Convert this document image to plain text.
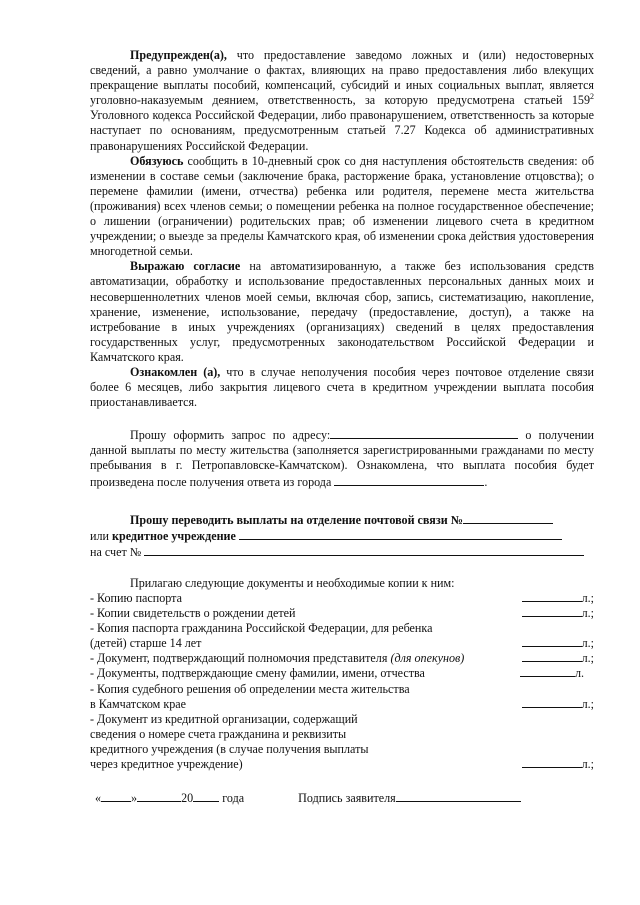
Предупрежден(а), что предоставление заведомо ложных и (или) недостоверных сведений, а равно умолчание о фактах, влияющих на право предоставления либо влекущих прекращение выплаты пособий, компенсаций, субсидий и иных социальных выплат, является уголовно-наказуемым деянием, ответственность, за которую предусмотрена статьей $159^2$ Уголовного кодекса Российской Федерации, либо правонарушением, ответственность за которые наступает по основаниям, предусмотренным статьей 7.27 Кодекса об административных правонарушениях Российской Федерации.

Обязуюсь сообщить в 10-дневный срок со дня наступления обстоятельств сведения: об изменении в составе семьи (заключение брака, расторжение брака, установление отцовства); о перемене фамилии (имени, отчества) ребенка или родителя, перемене места жительства (проживания) всех членов семьи; о помещении ребенка на полное государственное обеспечение; о лишении (ограничении) родительских прав; об изменении лицевого счета в кредитном учреждении; о выезде за пределы Камчатского края, об изменении срока действия удостоверения многодетной семьи.

Выражаю согласие на автоматизированную, а также без использования средств автоматизации, обработку и использование предоставленных персональных данных моих и несовершеннолетних членов моей семьи, включая сбор, запись, систематизацию, накопление, хранение, изменение, использование, передачу (предоставление, доступ), а также на истребование в иных учреждениях (организациях) сведений в целях предоставления государственных услуг, предусмотренных законодательством Российской Федерации и Камчатского края.

Ознакомлен (а), что в случае неполучения пособия через почтовое отделение связи более 6 месяцев, либо закрытия лицевого счета в кредитном учреждении выплата пособия приостанавливается.

Прошу оформить запрос по адресу:	о получении данной выплаты по месту жительства (заполняется зарегистрированными гражданами по месту пребывания в г. Петропавловске-Камчатском). Ознакомлена, что выплата пособия будет произведена после получения ответа из города	.

Прошу переводить выплаты на отделение почтовой связи №

или кредитное учреждение

на счет №

Прилагаю следующие документы и необходимые копии к ним:

- Копию паспорта	л.;
- Копии свидетельств о рождении детей	л.;

- Копия паспорта гражданина Российской Федерации, для ребенка

(детей) старше 14 лет	л.;
- Документ, подтверждающий полномочия представителя (для опекунов)	л.;
- Документы, подтверждающие смену фамилии, имени, отчества	л.

- Копия судебного решения об определении места жительства

в Камчатском крае	л.;

- Документ из кредитной организации, содержащий

сведения о номере счета гражданина и реквизиты

кредитного учреждения (в случае получения выплаты

через кредитное учреждение)	л.;
« »	20 года	Подпись заявителя
